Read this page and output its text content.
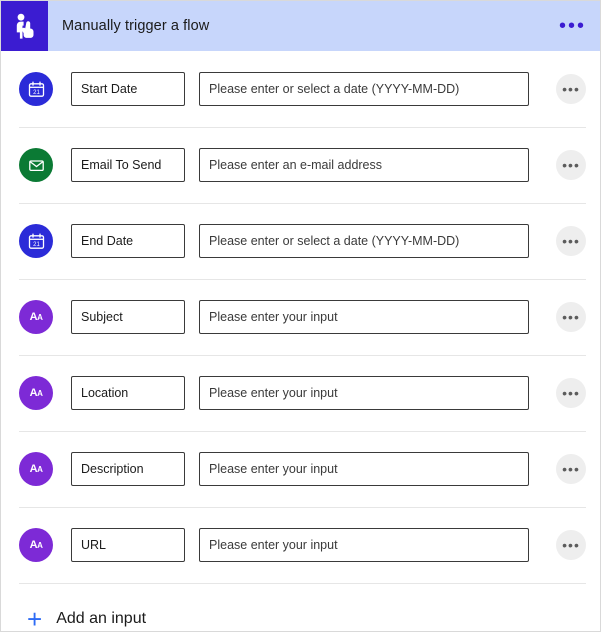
Manually trigger a flow	•••
21	Start Date	Please enter or select a date (YYYY-MM-DD)	•••
Email To Send	Please enter an e-mail address	•••
21	End Date	Please enter or select a date (YYYY-MM-DD)	•••
A A	Subject	Please enter your input	•••
A A	Location	Please enter your input	•••
A A	Description	Please enter your input	•••
A A	URL	Please enter your input	•••
+ Add an input
